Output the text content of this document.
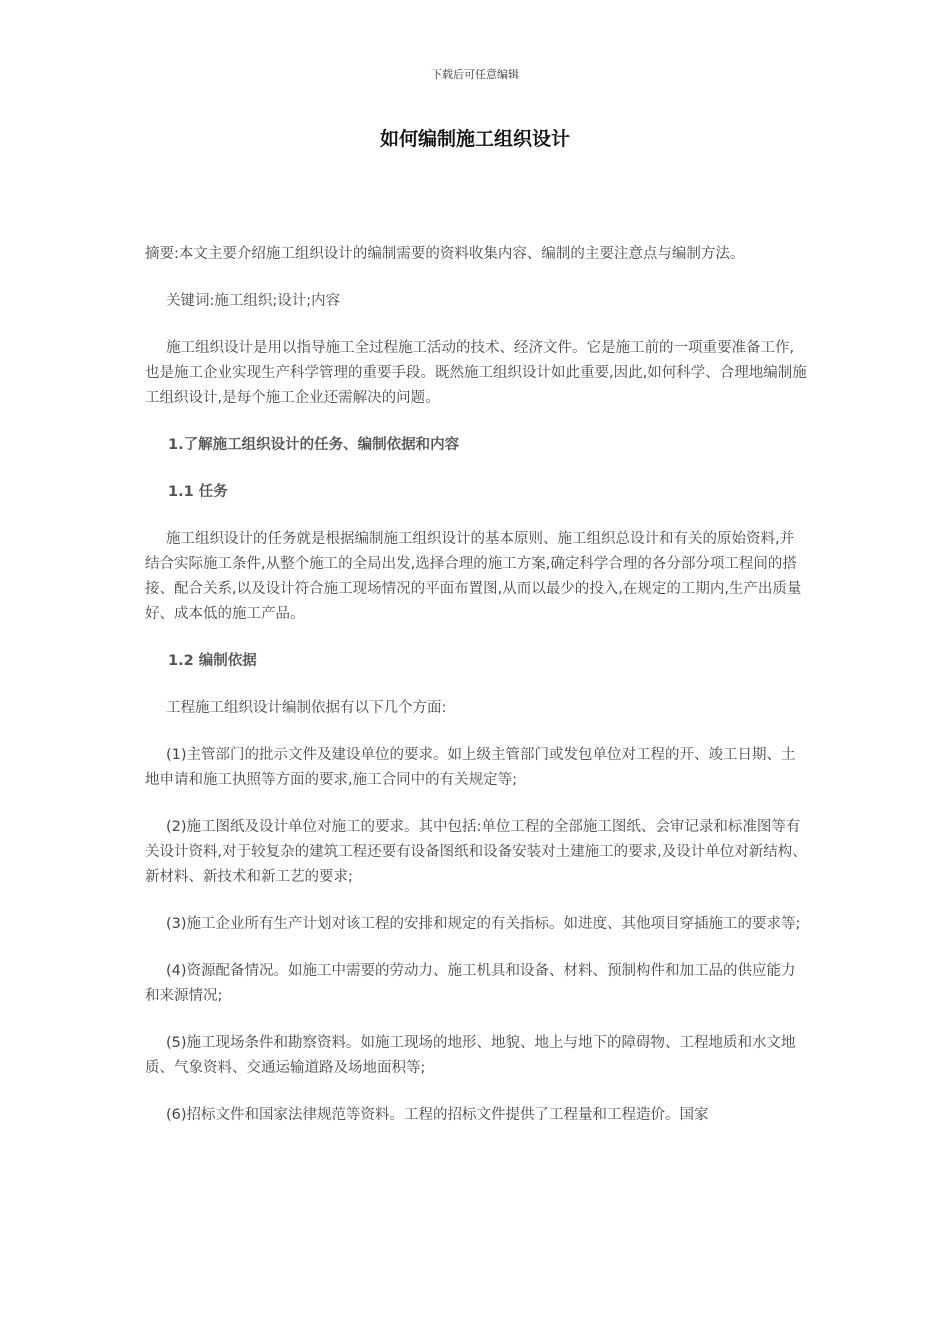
下载后可任意编辑
如何编制施工组织设计

摘要:本文主要介绍施工组织设计的编制需要的资料收集内容、编制的主要注意点与编制方法。

关键词:施工组织;设计;内容

施工组织设计是用以指导施工全过程施工活动的技术、经济文件。它是施工前的一项重要准备工作,也是施工企业实现生产科学管理的重要手段。既然施工组织设计如此重要,因此,如何科学、合理地编制施工组织设计,是每个施工企业还需解决的问题。

1.了解施工组织设计的任务、编制依据和内容

1.1 任务

施工组织设计的任务就是根据编制施工组织设计的基本原则、施工组织总设计和有关的原始资料,并结合实际施工条件,从整个施工的全局出发,选择合理的施工方案,确定科学合理的各分部分项工程间的搭接、配合关系,以及设计符合施工现场情况的平面布置图,从而以最少的投入,在规定的工期内,生产出质量好、成本低的施工产品。

1.2 编制依据

工程施工组织设计编制依据有以下几个方面:

(1)主管部门的批示文件及建设单位的要求。如上级主管部门或发包单位对工程的开、竣工日期、土地申请和施工执照等方面的要求,施工合同中的有关规定等;

(2)施工图纸及设计单位对施工的要求。其中包括:单位工程的全部施工图纸、会审记录和标准图等有关设计资料,对于较复杂的建筑工程还要有设备图纸和设备安装对土建施工的要求,及设计单位对新结构、新材料、新技术和新工艺的要求;

(3)施工企业所有生产计划对该工程的安排和规定的有关指标。如进度、其他项目穿插施工的要求等;

(4)资源配备情况。如施工中需要的劳动力、施工机具和设备、材料、预制构件和加工品的供应能力和来源情况;

(5)施工现场条件和勘察资料。如施工现场的地形、地貌、地上与地下的障碍物、工程地质和水文地质、气象资料、交通运输道路及场地面积等;

(6)招标文件和国家法律规范等资料。工程的招标文件提供了工程量和工程造价。国家
